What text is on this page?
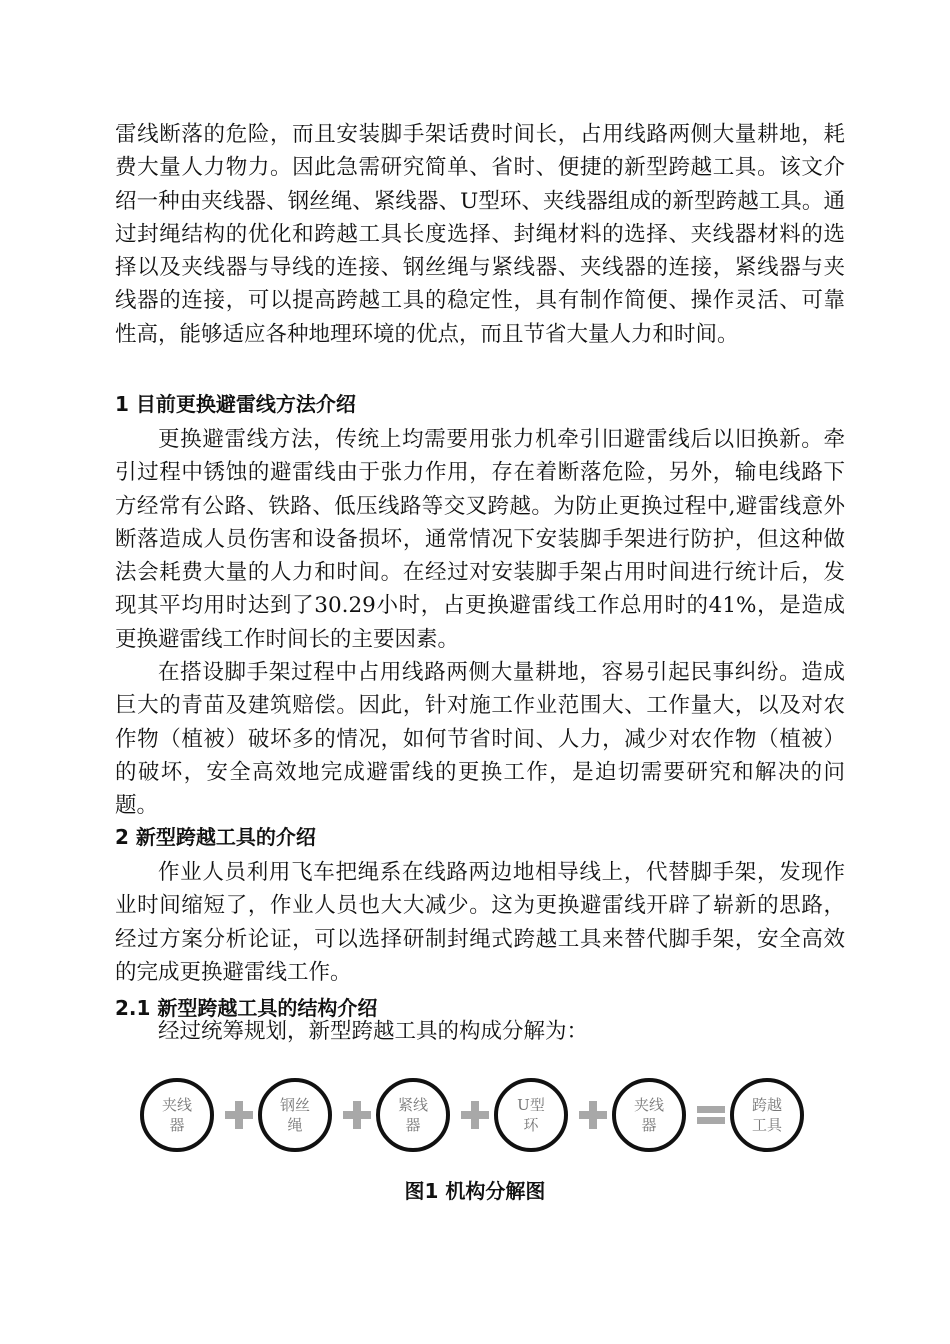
雷线断落的危险，而且安装脚手架话费时间长，占用线路两侧大量耕地，耗费大量人力物力。因此急需研究简单、省时、便捷的新型跨越工具。该文介绍一种由夹线器、钢丝绳、紧线器、U型环、夹线器组成的新型跨越工具。通过封绳结构的优化和跨越工具长度选择、封绳材料的选择、夹线器材料的选择以及夹线器与导线的连接、钢丝绳与紧线器、夹线器的连接，紧线器与夹线器的连接，可以提高跨越工具的稳定性，具有制作简便、操作灵活、可靠性高，能够适应各种地理环境的优点，而且节省大量人力和时间。

1 目前更换避雷线方法介绍

更换避雷线方法，传统上均需要用张力机牵引旧避雷线后以旧换新。牵引过程中锈蚀的避雷线由于张力作用，存在着断落危险，另外，输电线路下方经常有公路、铁路、低压线路等交叉跨越。为防止更换过程中,避雷线意外断落造成人员伤害和设备损坏，通常情况下安装脚手架进行防护，但这种做法会耗费大量的人力和时间。在经过对安装脚手架占用时间进行统计后，发现其平均用时达到了30.29小时，占更换避雷线工作总用时的41%，是造成更换避雷线工作时间长的主要因素。

在搭设脚手架过程中占用线路两侧大量耕地，容易引起民事纠纷。造成巨大的青苗及建筑赔偿。因此，针对施工作业范围大、工作量大，以及对农作物（植被）破坏多的情况，如何节省时间、人力，减少对农作物（植被）的破坏，安全高效地完成避雷线的更换工作，是迫切需要研究和解决的问题。

2 新型跨越工具的介绍

作业人员利用飞车把绳系在线路两边地相导线上，代替脚手架，发现作业时间缩短了，作业人员也大大减少。这为更换避雷线开辟了崭新的思路，经过方案分析论证，可以选择研制封绳式跨越工具来替代脚手架，安全高效的完成更换避雷线工作。

2.1 新型跨越工具的结构介绍

经过统筹规划，新型跨越工具的构成分解为：

夹线器
钢丝绳
紧线器
U型环
夹线器
跨越工具

图1 机构分解图
